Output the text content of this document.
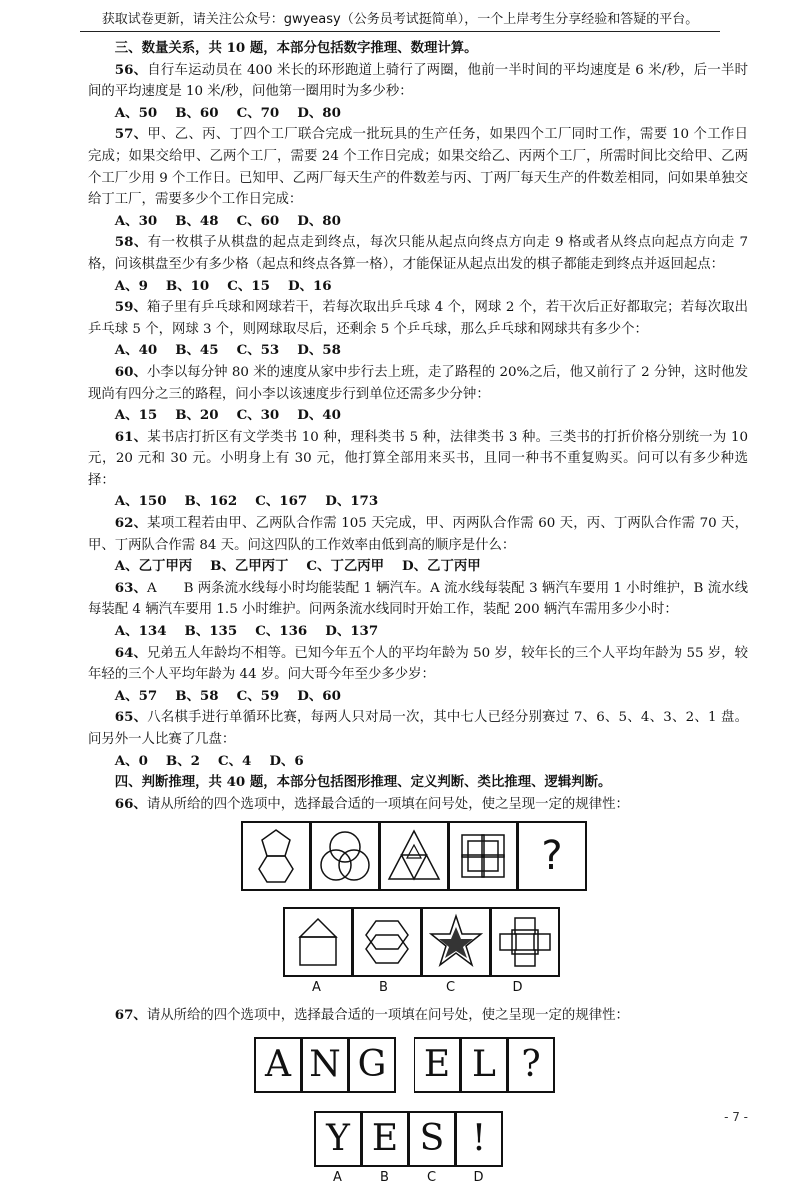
获取试卷更新，请关注公众号：gwyeasy（公务员考试挺简单），一个上岸考生分享经验和答疑的平台。

三、数量关系，共 10 题，本部分包括数字推理、数理计算。

56、自行车运动员在 400 米长的环形跑道上骑行了两圈，他前一半时间的平均速度是 6 米/秒，后一半时间的平均速度是 10 米/秒，问他第一圈用时为多少秒：

A、50 B、60 C、70 D、80

57、甲、乙、丙、丁四个工厂联合完成一批玩具的生产任务，如果四个工厂同时工作，需要 10 个工作日完成；如果交给甲、乙两个工厂，需要 24 个工作日完成；如果交给乙、丙两个工厂，所需时间比交给甲、乙两个工厂少用 9 个工作日。已知甲、乙两厂每天生产的件数差与丙、丁两厂每天生产的件数差相同，问如果单独交给丁工厂，需要多少个工作日完成：

A、30 B、48 C、60 D、80

58、有一枚棋子从棋盘的起点走到终点，每次只能从起点向终点方向走 9 格或者从终点向起点方向走 7 格，问该棋盘至少有多少格（起点和终点各算一格），才能保证从起点出发的棋子都能走到终点并返回起点：

A、9 B、10 C、15 D、16

59、箱子里有乒乓球和网球若干，若每次取出乒乓球 4 个，网球 2 个，若干次后正好都取完；若每次取出乒乓球 5 个，网球 3 个，则网球取尽后，还剩余 5 个乒乓球，那么乒乓球和网球共有多少个：

A、40 B、45 C、53 D、58

60、小李以每分钟 80 米的速度从家中步行去上班，走了路程的 20%之后，他又前行了 2 分钟，这时他发现尚有四分之三的路程，问小李以该速度步行到单位还需多少分钟：

A、15 B、20 C、30 D、40

61、某书店打折区有文学类书 10 种，理科类书 5 种，法律类书 3 种。三类书的打折价格分别统一为 10 元，20 元和 30 元。小明身上有 30 元，他打算全部用来买书，且同一种书不重复购买。问可以有多少种选择：

A、150 B、162 C、167 D、173

62、某项工程若由甲、乙两队合作需 105 天完成，甲、丙两队合作需 60 天，丙、丁两队合作需 70 天，甲、丁两队合作需 84 天。问这四队的工作效率由低到高的顺序是什么：

A、乙丁甲丙 B、乙甲丙丁 C、丁乙丙甲 D、乙丁丙甲

63、A　　B 两条流水线每小时均能装配 1 辆汽车。A 流水线每装配 3 辆汽车要用 1 小时维护，B 流水线每装配 4 辆汽车要用 1.5 小时维护。问两条流水线同时开始工作，装配 200 辆汽车需用多少小时：

A、134 B、135 C、136 D、137

64、兄弟五人年龄均不相等。已知今年五个人的平均年龄为 50 岁，较年长的三个人平均年龄为 55 岁，较年轻的三个人平均年龄为 44 岁。问大哥今年至少多少岁：

A、57 B、58 C、59 D、60

65、八名棋手进行单循环比赛，每两人只对局一次，其中七人已经分别赛过 7、6、5、4、3、2、1 盘。问另外一人比赛了几盘：

A、0 B、2 C、4 D、6

四、判断推理，共 40 题，本部分包括图形推理、定义判断、类比推理、逻辑判断。

66、请从所给的四个选项中，选择最合适的一项填在问号处，使之呈现一定的规律性：

?
A	B	C	D

67、请从所给的四个选项中，选择最合适的一项填在问号处，使之呈现一定的规律性：

A N G E L ?
Y E S !
A	B	C	D
- 7 -
